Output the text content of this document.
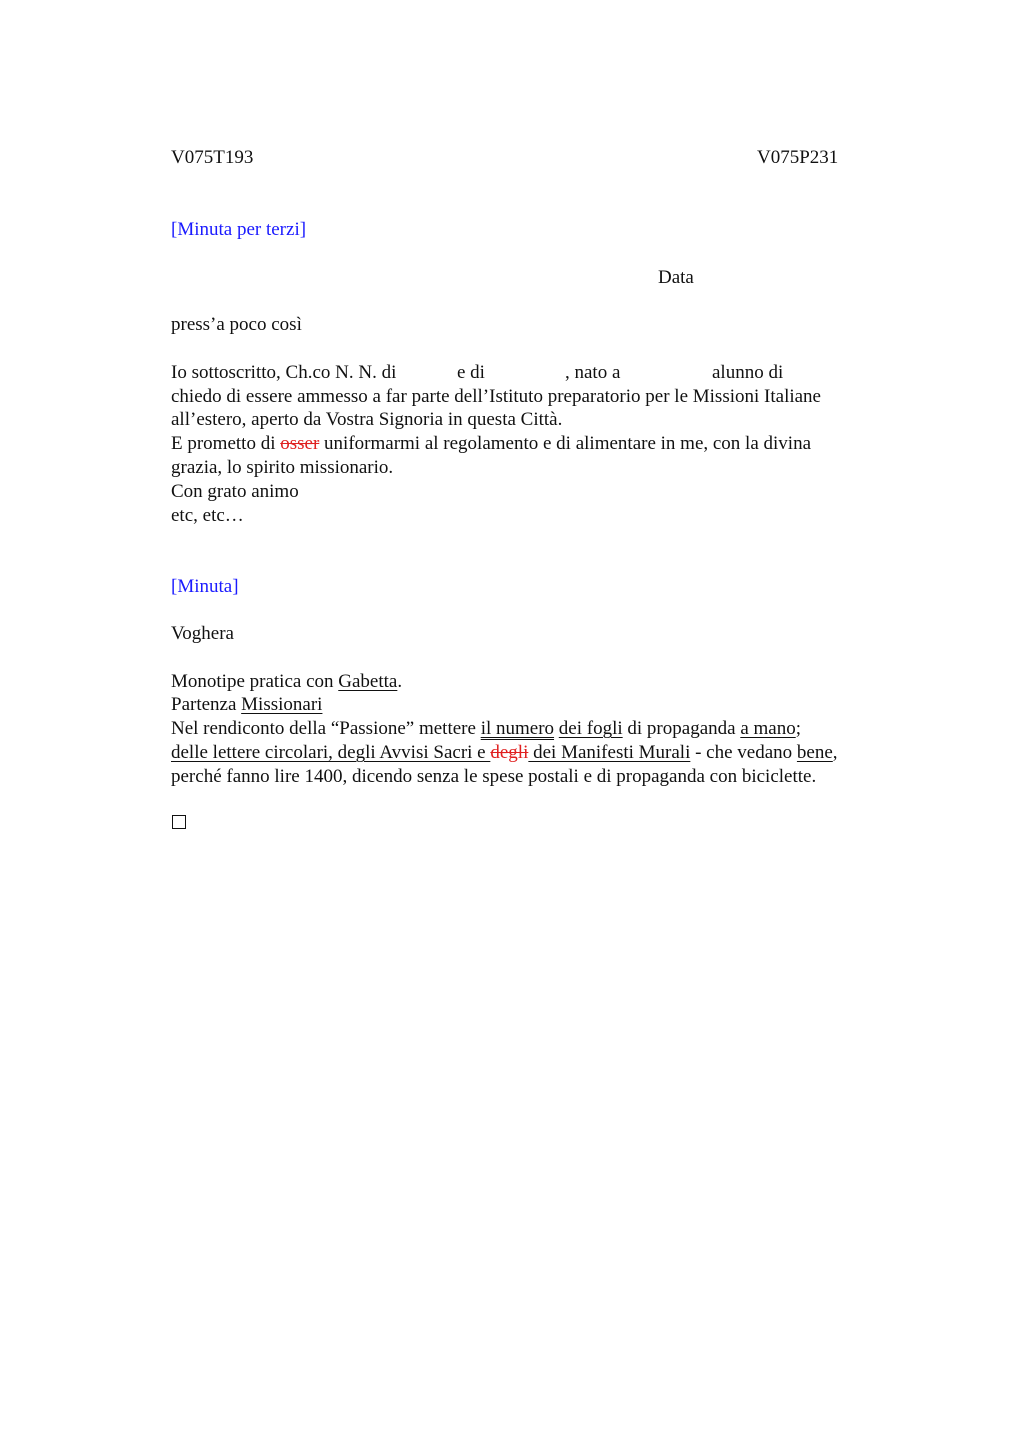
V075T193	V075P231
[Minuta per terzi]
Data
press’a poco così
Io sottoscritto, Ch.co N. N. di	e di	, nato a	alunno di
chiedo di essere ammesso a far parte dell’Istituto preparatorio per le Missioni Italiane
all’estero, aperto da Vostra Signoria in questa Città.
E prometto di osser uniformarmi al regolamento e di alimentare in me, con la divina
grazia, lo spirito missionario.
Con grato animo
etc, etc…
[Minuta]
Voghera
Monotipe pratica con Gabetta.
Partenza Missionari
Nel rendiconto della “Passione” mettere il numero dei fogli di propaganda a mano;
delle lettere circolari, degli Avvisi Sacri e degli dei Manifesti Murali - che vedano bene,
perché fanno lire 1400, dicendo senza le spese postali e di propaganda con biciclette.
